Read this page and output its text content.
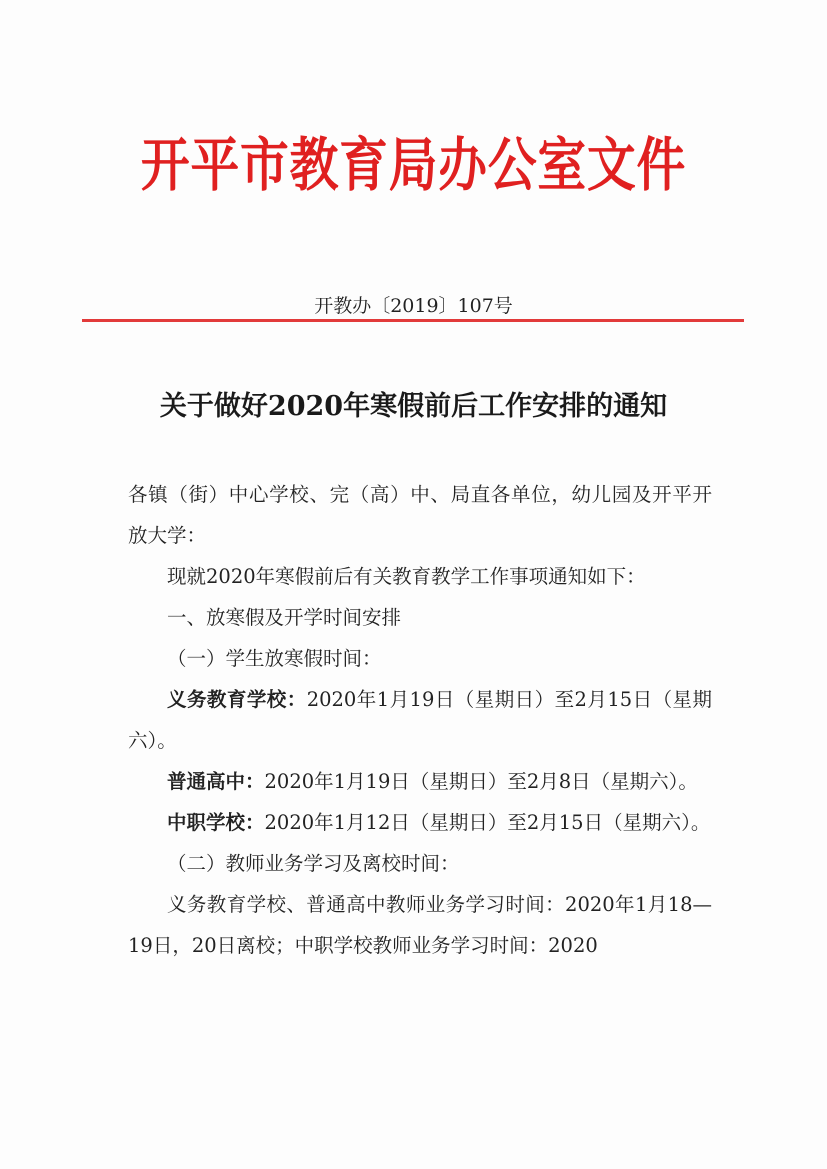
开平市教育局办公室文件
开教办〔2019〕107号
关于做好2020年寒假前后工作安排的通知

各镇（街）中心学校、完（高）中、局直各单位，幼儿园及开平开放大学：

现就2020年寒假前后有关教育教学工作事项通知如下：

一、放寒假及开学时间安排

（一）学生放寒假时间：

义务教育学校：2020年1月19日（星期日）至2月15日（星期六）。

普通高中：2020年1月19日（星期日）至2月8日（星期六）。

中职学校：2020年1月12日（星期日）至2月15日（星期六）。

（二）教师业务学习及离校时间：

义务教育学校、普通高中教师业务学习时间：2020年1月18—19日，20日离校；中职学校教师业务学习时间：2020
